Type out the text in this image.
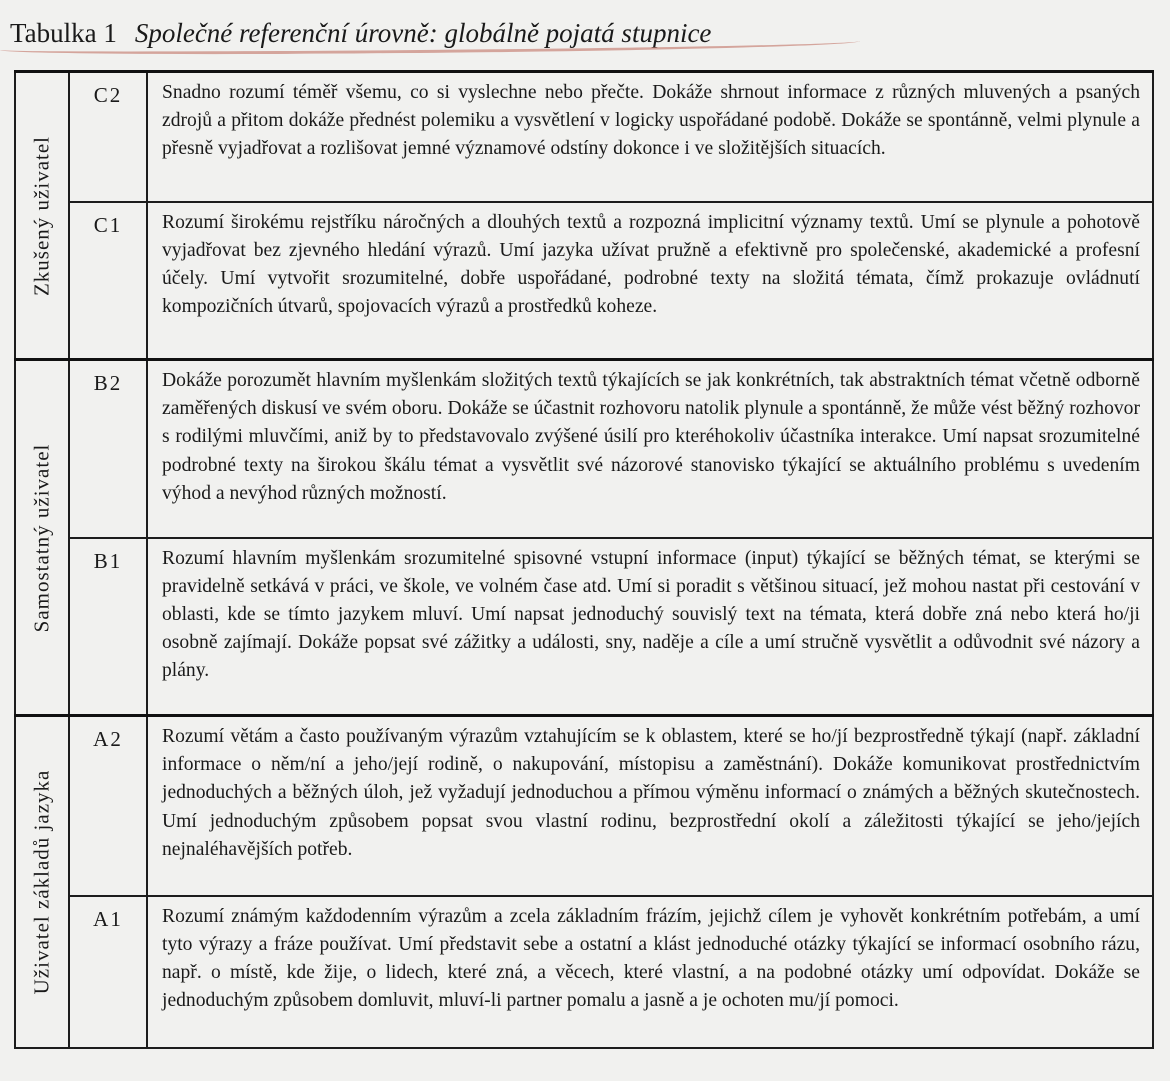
Tabulka 1 Společné referenční úrovně: globálně pojatá stupnice
Zkušený uživatel	C2	Snadno rozumí téměř všemu, co si vyslechne nebo přečte. Dokáže shrnout informace z různých mluvených a psaných zdrojů a přitom dokáže přednést polemiku a vysvětlení v logicky uspořádané podobě. Dokáže se spontánně, velmi plynule a přesně vyjadřovat a rozlišovat jemné významové odstíny dokonce i ve složitějších situacích.
	C1	Rozumí širokému rejstříku náročných a dlouhých textů a rozpozná implicitní významy textů. Umí se plynule a pohotově vyjadřovat bez zjevného hledání výrazů. Umí jazyka užívat pružně a efektivně pro společenské, akademické a profesní účely. Umí vytvořit srozumitelné, dobře uspořádané, podrobné texty na složitá témata, čímž prokazuje ovládnutí kompozičních útvarů, spojovacích výrazů a prostředků koheze.

Samostatný uživatel	B2	Dokáže porozumět hlavním myšlenkám složitých textů týkajících se jak konkrétních, tak abstraktních témat včetně odborně zaměřených diskusí ve svém oboru. Dokáže se účastnit rozhovoru natolik plynule a spontánně, že může vést běžný rozhovor s rodilými mluvčími, aniž by to představovalo zvýšené úsilí pro kteréhokoliv účastníka interakce. Umí napsat srozumitelné podrobné texty na širokou škálu témat a vysvětlit své názorové stanovisko týkající se aktuálního problému s uvedením výhod a nevýhod různých možností.
	B1	Rozumí hlavním myšlenkám srozumitelné spisovné vstupní informace (input) týkající se běžných témat, se kterými se pravidelně setkává v práci, ve škole, ve volném čase atd. Umí si poradit s většinou situací, jež mohou nastat při cestování v oblasti, kde se tímto jazykem mluví. Umí napsat jednoduchý souvislý text na témata, která dobře zná nebo která ho/ji osobně zajímají. Dokáže popsat své zážitky a události, sny, naděje a cíle a umí stručně vysvětlit a odůvodnit své názory a plány.

Uživatel základů jazyka	A2	Rozumí větám a často používaným výrazům vztahujícím se k oblastem, které se ho/jí bezprostředně týkají (např. základní informace o něm/ní a jeho/její rodině, o nakupování, místopisu a zaměstnání). Dokáže komunikovat prostřednictvím jednoduchých a běžných úloh, jež vyžadují jednoduchou a přímou výměnu informací o známých a běžných skutečnostech. Umí jednoduchým způsobem popsat svou vlastní rodinu, bezprostřední okolí a záležitosti týkající se jeho/jejích nejnaléhavějších potřeb.
	A1	Rozumí známým každodenním výrazům a zcela základním frázím, jejichž cílem je vyhovět konkrétním potřebám, a umí tyto výrazy a fráze používat. Umí představit sebe a ostatní a klást jednoduché otázky týkající se informací osobního rázu, např. o místě, kde žije, o lidech, které zná, a věcech, které vlastní, a na podobné otázky umí odpovídat. Dokáže se jednoduchým způsobem domluvit, mluví-li partner pomalu a jasně a je ochoten mu/jí pomoci.
